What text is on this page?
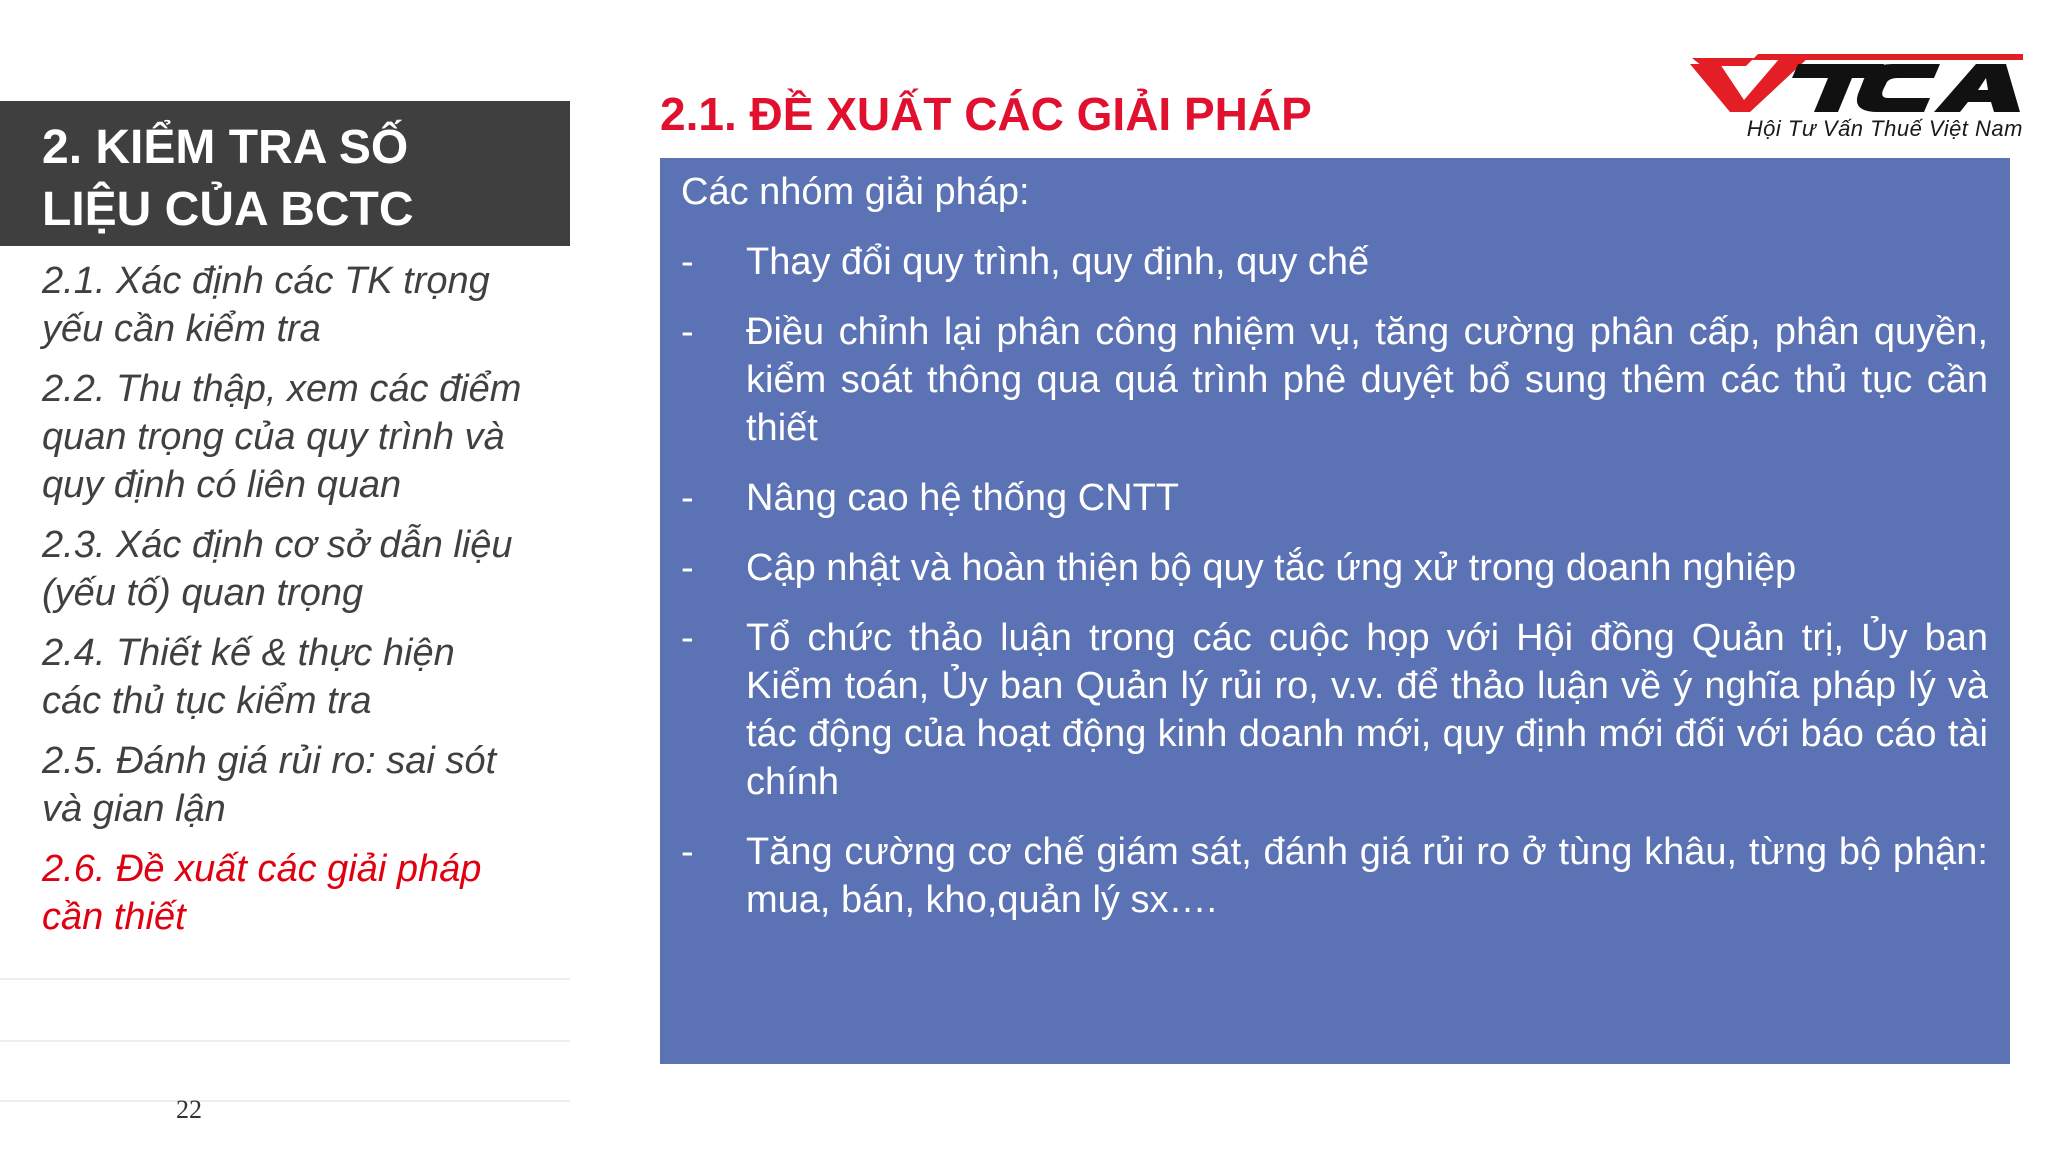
2. KIỂM TRA SỐ
LIỆU CỦA BCTC
2.1. Xác định các TK trọng
yếu cần kiểm tra
2.2. Thu thập, xem các điểm
quan trọng của quy trình và
quy định có liên quan
2.3. Xác định cơ sở dẫn liệu
(yếu tố) quan trọng
2.4. Thiết kế & thực hiện
các thủ tục kiểm tra
2.5. Đánh giá rủi ro: sai sót
và gian lận
2.6. Đề xuất các giải pháp
cần thiết
22
2.1. ĐỀ XUẤT CÁC GIẢI PHÁP	Hội Tư Vấn Thuế Việt Nam
Các nhóm giải pháp:
-	Thay đổi quy trình, quy định, quy chế
-	Điều chỉnh lại phân công nhiệm vụ, tăng cường phân cấp, phân quyền, kiểm soát thông qua quá trình phê duyệt bổ sung thêm các thủ tục cần thiết
-	Nâng cao hệ thống CNTT
-	Cập nhật và hoàn thiện bộ quy tắc ứng xử trong doanh nghiệp
-	Tổ chức thảo luận trong các cuộc họp với Hội đồng Quản trị, Ủy ban Kiểm toán, Ủy ban Quản lý rủi ro, v.v. để thảo luận về ý nghĩa pháp lý và tác động của hoạt động kinh doanh mới, quy định mới đối với báo cáo tài chính
-	Tăng cường cơ chế giám sát, đánh giá rủi ro ở tùng khâu, từng bộ phận: mua, bán, kho,quản lý sx….
